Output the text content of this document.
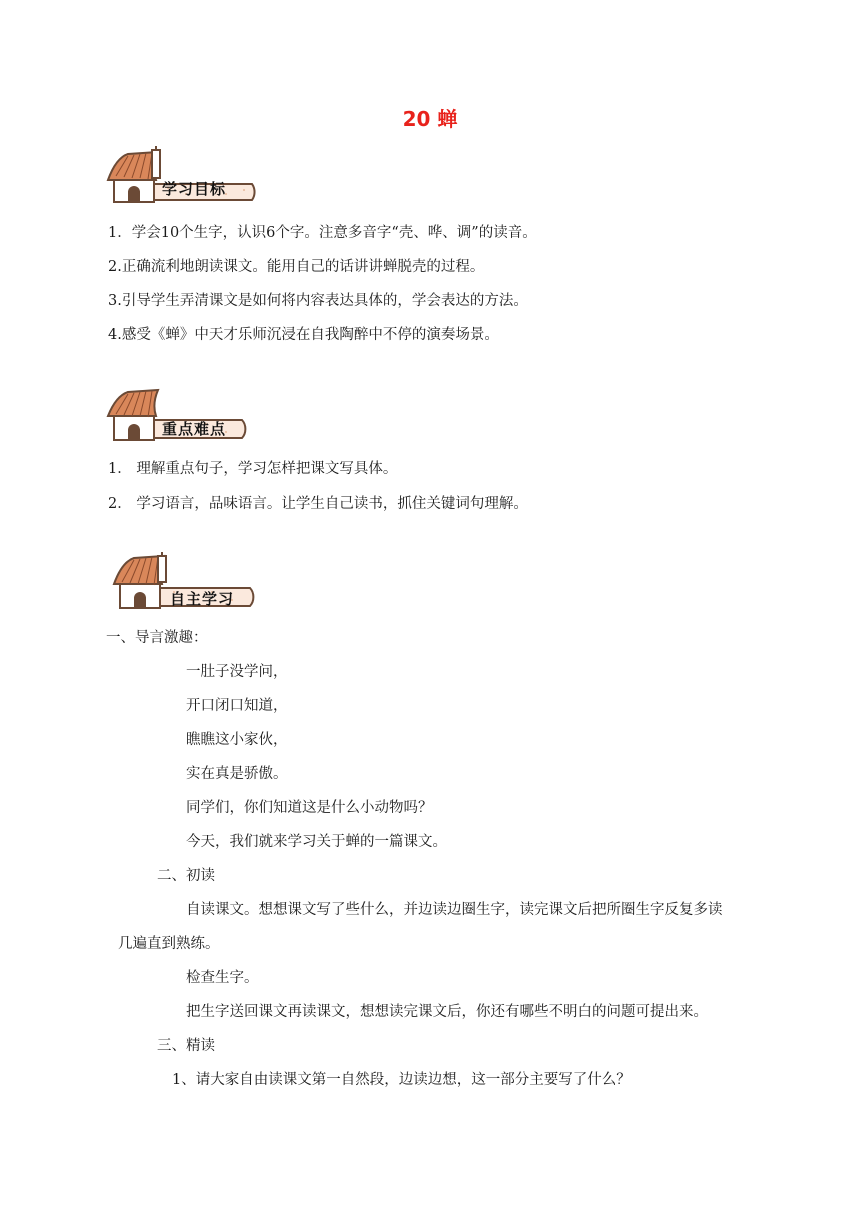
20 蝉
学习目标
1．学会10个生字，认识6个字。注意多音字“壳、哗、调”的读音。
2.正确流利地朗读课文。能用自己的话讲讲蝉脱壳的过程。
3.引导学生弄清课文是如何将内容表达具体的，学会表达的方法。
4.感受《蝉》中天才乐师沉浸在自我陶醉中不停的演奏场景。
重点难点
1． 理解重点句子，学习怎样把课文写具体。
2． 学习语言，品味语言。让学生自己读书，抓住关键词句理解。
自主学习
一、导言激趣：
一肚子没学问，
开口闭口知道，
瞧瞧这小家伙，
实在真是骄傲。
同学们，你们知道这是什么小动物吗？
今天，我们就来学习关于蝉的一篇课文。
二、初读
自读课文。想想课文写了些什么，并边读边圈生字，读完课文后把所圈生字反复多读
几遍直到熟练。
检查生字。
把生字送回课文再读课文，想想读完课文后，你还有哪些不明白的问题可提出来。
三、精读
1、请大家自由读课文第一自然段，边读边想，这一部分主要写了什么？
